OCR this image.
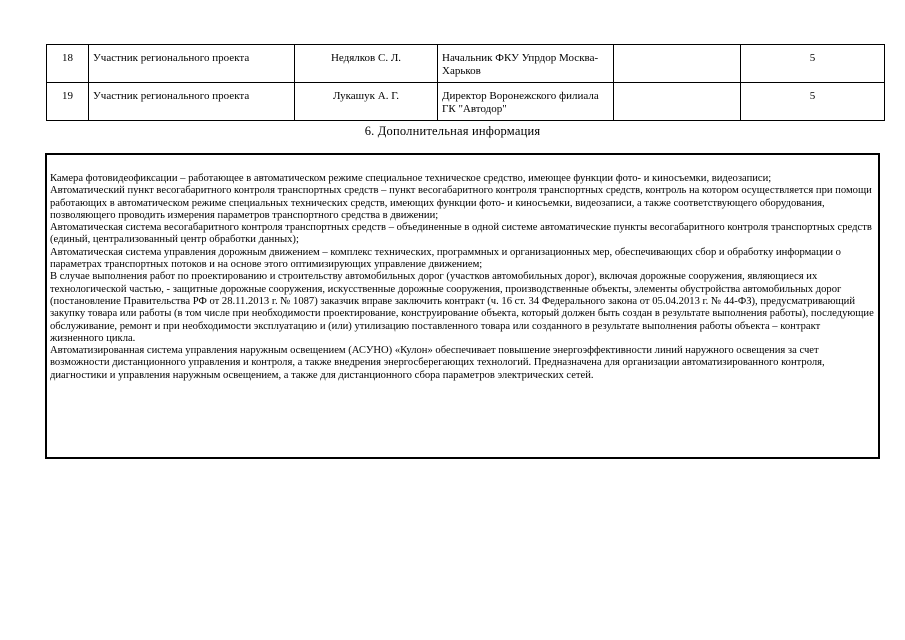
18	Участник регионального проекта	Недялков С. Л.	Начальник ФКУ Упрдор Москва-Харьков		5
19	Участник регионального проекта	Лукашук А. Г.	Директор Воронежского филиала ГК "Автодор"		5
6. Дополнительная информация

Камера фотовидеофиксации – работающее в автоматическом режиме специальное техническое средство, имеющее функции фото- и киносъемки, видеозаписи;

Автоматический пункт весогабаритного контроля транспортных средств – пункт весогабаритного контроля транспортных средств, контроль на котором осуществляется при помощи работающих в автоматическом режиме специальных технических средств, имеющих функции фото- и киносъемки, видеозаписи, а также соответствующего оборудования, позволяющего проводить измерения параметров транспортного средства в движении;

Автоматическая система весогабаритного контроля транспортных средств – объединенные в одной системе автоматические пункты весогабаритного контроля транспортных средств (единый, централизованный центр обработки данных);

Автоматическая система управления дорожным движением – комплекс технических, программных и организационных мер, обеспечивающих сбор и обработку информации о параметрах транспортных потоков и на основе этого оптимизирующих управление движением;

В случае выполнения работ по проектированию и строительству автомобильных дорог (участков автомобильных дорог), включая дорожные сооружения, являющиеся их технологической частью, - защитные дорожные сооружения, искусственные дорожные сооружения, производственные объекты, элементы обустройства автомобильных дорог (постановление Правительства РФ от 28.11.2013 г. № 1087) заказчик вправе заключить контракт (ч. 16 ст. 34 Федерального закона от 05.04.2013 г. № 44-ФЗ), предусматривающий закупку товара или работы (в том числе при необходимости проектирование, конструирование объекта, который должен быть создан в результате выполнения работы), последующие обслуживание, ремонт и при необходимости эксплуатацию и (или) утилизацию поставленного товара или созданного в результате выполнения работы объекта – контракт жизненного цикла.

Автоматизированная система управления наружным освещением (АСУНО) «Кулон» обеспечивает повышение энергоэффективности линий наружного освещения за счет возможности дистанционного управления и контроля, а также внедрения энергосберегающих технологий. Предназначена для организации автоматизированного контроля, диагностики и управления наружным освещением, а также для дистанционного сбора параметров электрических сетей.
